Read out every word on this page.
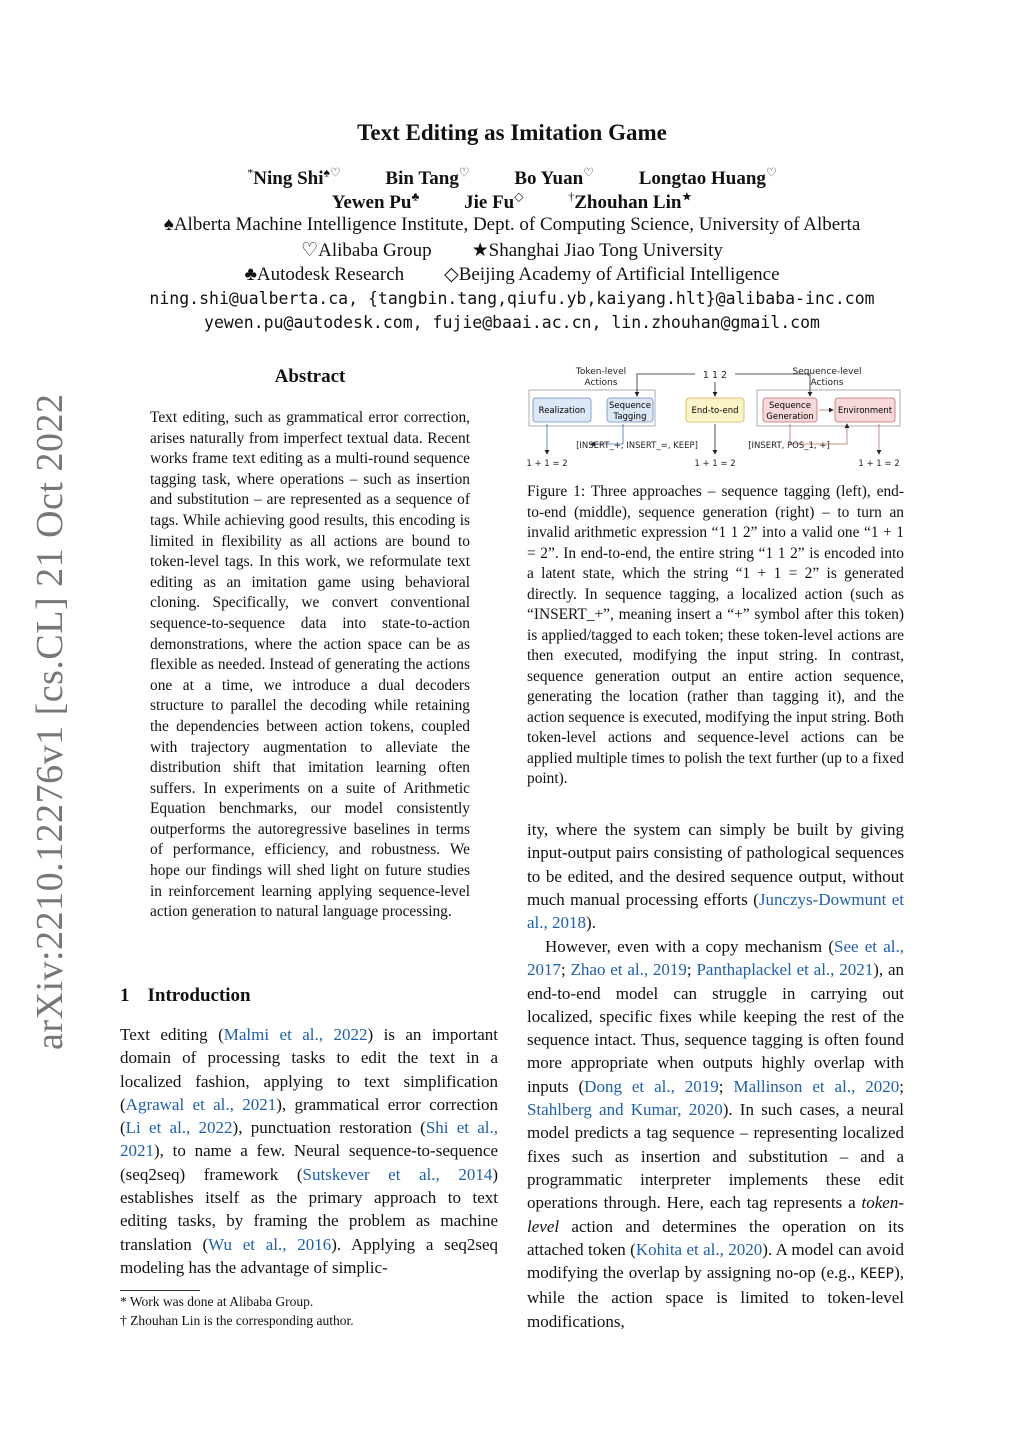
Text Editing as Imitation Game
*Ning Shi♠♡ Bin Tang♡ Bo Yuan♡ Longtao Huang♡
Yewen Pu♣ Jie Fu◇	†Zhouhan Lin★
♠Alberta Machine Intelligence Institute, Dept. of Computing Science, University of Alberta
♡Alibaba Group ★Shanghai Jiao Tong University
♣Autodesk Research ◇Beijing Academy of Artificial Intelligence
ning.shi@ualberta.ca, {tangbin.tang,qiufu.yb,kaiyang.hlt}@alibaba-inc.com
yewen.pu@autodesk.com, fujie@baai.ac.cn, lin.zhouhan@gmail.com
arXiv:2210.12276v1 [cs.CL] 21 Oct 2022
Abstract
Text editing, such as grammatical error correction, arises naturally from imperfect textual data. Recent works frame text editing as a multi-round sequence tagging task, where operations – such as insertion and substitution – are represented as a sequence of tags. While achieving good results, this encoding is limited in flexibility as all actions are bound to token-level tags. In this work, we reformulate text editing as an imitation game using behavioral cloning. Specifically, we convert conventional sequence-to-sequence data into state-to-action demonstrations, where the action space can be as flexible as needed. Instead of generating the actions one at a time, we introduce a dual decoders structure to parallel the decoding while retaining the dependencies between action tokens, coupled with trajectory augmentation to alleviate the distribution shift that imitation learning often suffers. In experiments on a suite of Arithmetic Equation benchmarks, our model consistently outperforms the autoregressive baselines in terms of performance, efficiency, and robustness. We hope our findings will shed light on future studies in reinforcement learning applying sequence-level action generation to natural language processing.
1 Introduction
Text editing (Malmi et al., 2022) is an important domain of processing tasks to edit the text in a localized fashion, applying to text simplification (Agrawal et al., 2021), grammatical error correction (Li et al., 2022), punctuation restoration (Shi et al., 2021), to name a few. Neural sequence-to-sequence (seq2seq) framework (Sutskever et al., 2014) establishes itself as the primary approach to text editing tasks, by framing the problem as machine translation (Wu et al., 2016). Applying a seq2seq modeling has the advantage of simplic-
* Work was done at Alibaba Group.
† Zhouhan Lin is the corresponding author.
Token-level
Actions
Sequence-level
Actions
1 1 2
Realization	Sequence
Tagging
End-to-end	Sequence
Generation
Environment
[INSERT_+, INSERT_=, KEEP]	[INSERT, POS_1, +]
1 + 1 = 2	1 + 1 = 2	1 + 1 = 2
Figure 1: Three approaches – sequence tagging (left), end-to-end (middle), sequence generation (right) – to turn an invalid arithmetic expression “1 1 2” into a valid one “1 + 1 = 2”. In end-to-end, the entire string “1 1 2” is encoded into a latent state, which the string “1 + 1 = 2” is generated directly. In sequence tagging, a localized action (such as “INSERT_+”, meaning insert a “+” symbol after this token) is applied/tagged to each token; these token-level actions are then executed, modifying the input string. In contrast, sequence generation output an entire action sequence, generating the location (rather than tagging it), and the action sequence is executed, modifying the input string. Both token-level actions and sequence-level actions can be applied multiple times to polish the text further (up to a fixed point).
ity, where the system can simply be built by giving input-output pairs consisting of pathological sequences to be edited, and the desired sequence output, without much manual processing efforts (Junczys-Dowmunt et al., 2018).
However, even with a copy mechanism (See et al., 2017; Zhao et al., 2019; Panthaplackel et al., 2021), an end-to-end model can struggle in carrying out localized, specific fixes while keeping the rest of the sequence intact. Thus, sequence tagging is often found more appropriate when outputs highly overlap with inputs (Dong et al., 2019; Mallinson et al., 2020; Stahlberg and Kumar, 2020). In such cases, a neural model predicts a tag sequence – representing localized fixes such as insertion and substitution – and a programmatic interpreter implements these edit operations through. Here, each tag represents a token-level action and determines the operation on its attached token (Kohita et al., 2020). A model can avoid modifying the overlap by assigning no-op (e.g., KEEP), while the action space is limited to token-level modifications,
